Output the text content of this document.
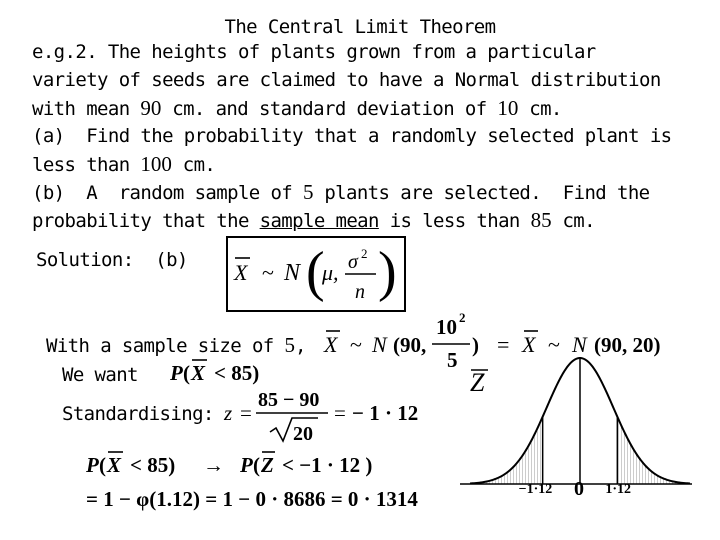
The Central Limit Theorem
e.g.2. The heights of plants grown from a particular
variety of seeds are claimed to have a Normal distribution
with mean 90 cm. and standard deviation of 10 cm.
(a)  Find the probability that a randomly selected plant is
less than 100 cm.
(b)  A  random sample of 5 plants are selected.  Find the
probability that the sample mean is less than 85 cm.
Solution:  (b)
With a sample size of 5,
We want
Standardising:
X ~ N (
μ, σ 2
n )
X ~ N (90,
10 2
5
) = X ~ N (90, 20)
P ( X < 85)
z =
85 − 90
20
= − 1 · 12
P ( X < 85) → P ( Z < −1 · 12 )
= 1 − φ(1.12) = 1 − 0 · 8686 = 0 · 1314
Z
−1·12 0 1·12
